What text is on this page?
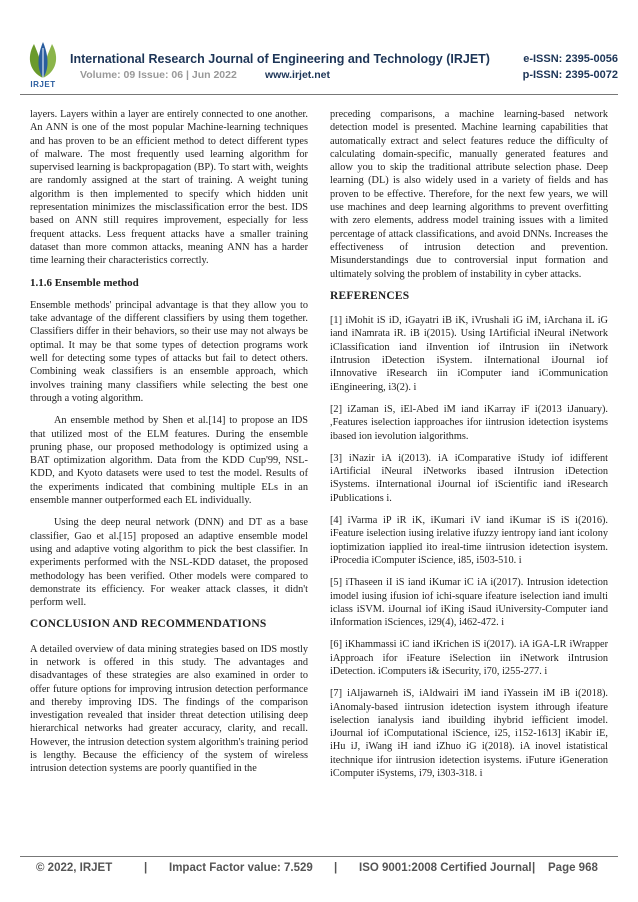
IRJET
International Research Journal of Engineering and Technology (IRJET)	e-ISSN: 2395-0056
Volume: 09 Issue: 06 | Jun 2022	www.irjet.net	p-ISSN: 2395-0072

layers. Layers within a layer are entirely connected to one another. An ANN is one of the most popular Machine-learning techniques and has proven to be an efficient method to detect different types of malware. The most frequently used learning algorithm for supervised learning is backpropagation (BP). To start with, weights are randomly assigned at the start of training. A weight tuning algorithm is then implemented to specify which hidden unit representation minimizes the misclassification error the best. IDS based on ANN still requires improvement, especially for less frequent attacks. Less frequent attacks have a smaller training dataset than more common attacks, meaning ANN has a harder time learning their characteristics correctly.

1.1.6 Ensemble method

Ensemble methods' principal advantage is that they allow you to take advantage of the different classifiers by using them together. Classifiers differ in their behaviors, so their use may not always be optimal. It may be that some types of detection programs work well for detecting some types of attacks but fail to detect others. Combining weak classifiers is an ensemble approach, which involves training many classifiers while selecting the best one through a voting algorithm.

An ensemble method by Shen et al.[14] to propose an IDS that utilized most of the ELM features. During the ensemble pruning phase, our proposed methodology is optimized using a BAT optimization algorithm. Data from the KDD Cup'99, NSL-KDD, and Kyoto datasets were used to test the model. Results of the experiments indicated that combining multiple ELs in an ensemble manner outperformed each EL individually.

Using the deep neural network (DNN) and DT as a base classifier, Gao et al.[15] proposed an adaptive ensemble model using and adaptive voting algorithm to pick the best classifier. In experiments performed with the NSL-KDD dataset, the proposed methodology has been verified. Other models were compared to demonstrate its efficiency. For weaker attack classes, it didn't perform well.

CONCLUSION AND RECOMMENDATIONS

A detailed overview of data mining strategies based on IDS mostly in network is offered in this study. The advantages and disadvantages of these strategies are also examined in order to offer future options for improving intrusion detection performance and thereby improving IDS. The findings of the comparison investigation revealed that insider threat detection utilising deep hierarchical networks had greater accuracy, clarity, and recall. However, the intrusion detection system algorithm's training period is lengthy. Because the efficiency of the system of wireless intrusion detection systems are poorly quantified in the

preceding comparisons, a machine learning-based network detection model is presented. Machine learning capabilities that automatically extract and select features reduce the difficulty of calculating domain-specific, manually generated features and allow you to skip the traditional attribute selection phase. Deep learning (DL) is also widely used in a variety of fields and has proven to be effective. Therefore, for the next few years, we will use machines and deep learning algorithms to prevent overfitting with zero elements, address model training issues with a limited percentage of attack classifications, and avoid DNNs. Increases the effectiveness of intrusion detection and prevention. Misunderstandings due to controversial input formation and ultimately solving the problem of instability in cyber attacks.

REFERENCES

[1] iMohit iS iD, iGayatri iB iK, iVrushali iG iM, iArchana iL iG iand iNamrata iR. iB i(2015). Using IArtificial iNeural iNetwork iClassification iand iInvention iof iIntrusion iin iNetwork iIntrusion iDetection iSystem. iInternational iJournal iof iInnovative iResearch iin iComputer iand iCommunication iEngineering, i3(2). i

[2] iZaman iS, iEl-Abed iM iand iKarray iF i(2013 iJanuary). ,Features iselection iapproaches ifor iintrusion idetection isystems ibased ion ievolution ialgorithms.

[3] iNazir iA i(2013). iA iComparative iStudy iof idifferent iArtificial iNeural iNetworks ibased iIntrusion iDetection iSystems. iInternational iJournal iof iScientific iand iResearch iPublications i.

[4] iVarma iP iR iK, iKumari iV iand iKumar iS iS i(2016). iFeature iselection iusing irelative ifuzzy ientropy iand iant icolony ioptimization iapplied ito ireal-time iintrusion idetection isystem. iProcedia iComputer iScience, i85, i503-510. i

[5] iThaseen iI iS iand iKumar iC iA i(2017). Intrusion idetection imodel iusing ifusion iof ichi-square ifeature iselection iand imulti iclass iSVM. iJournal iof iKing iSaud iUniversity-Computer iand iInformation iSciences, i29(4), i462-472. i

[6] iKhammassi iC iand iKrichen iS i(2017). iA iGA-LR iWrapper iApproach ifor iFeature iSelection iin iNetwork iIntrusion iDetection. iComputers i& iSecurity, i70, i255-277. i

[7] iAljawarneh iS, iAldwairi iM iand iYassein iM iB i(2018). iAnomaly-based iintrusion idetection isystem ithrough ifeature iselection ianalysis iand ibuilding ihybrid iefficient imodel. iJournal iof iComputational iScience, i25, i152-1613] iKabir iE, iHu iJ, iWang iH iand iZhuo iG i(2018). iA inovel istatistical itechnique ifor iintrusion idetection isystems. iFuture iGeneration iComputer iSystems, i79, i303-318. i

© 2022, IRJET	| Impact Factor value: 7.529 | ISO 9001:2008 Certified Journal | Page 968
